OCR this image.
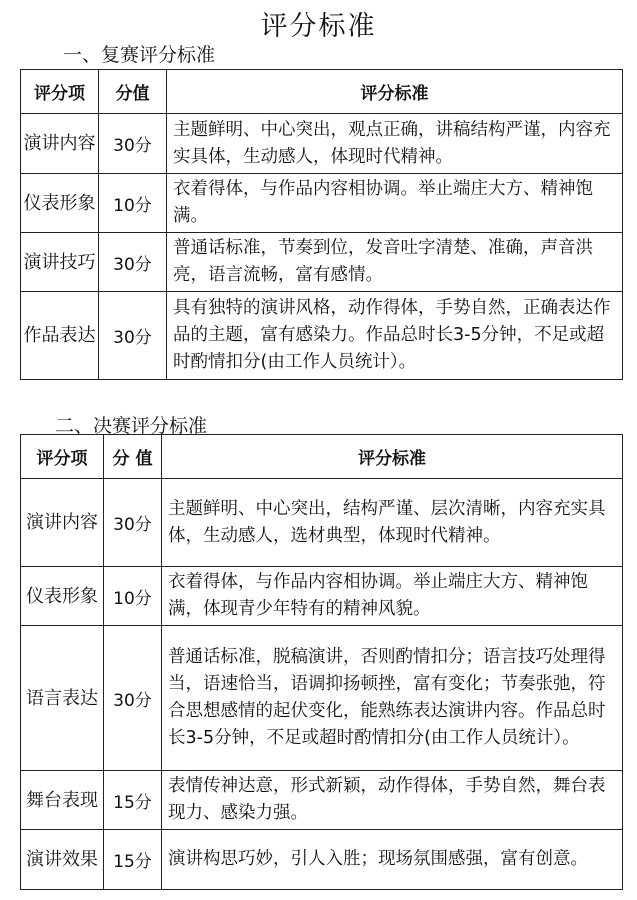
评分标准
一、复赛评分标准
评分项	分值	评分标准
演讲内容	30分	主题鲜明、中心突出，观点正确，讲稿结构严谨，内容充实具体，生动感人，体现时代精神。
仪表形象	10分	衣着得体，与作品内容相协调。举止端庄大方、精神饱满。
演讲技巧	30分	普通话标准，节奏到位，发音吐字清楚、准确，声音洪亮，语言流畅，富有感情。
作品表达	30分	具有独特的演讲风格，动作得体，手势自然，正确表达作品的主题，富有感染力。作品总时长3-5分钟，不足或超时酌情扣分(由工作人员统计）。
二、决赛评分标准
评分项	分 值	评分标准
演讲内容	30分	主题鲜明、中心突出，结构严谨、层次清晰，内容充实具体，生动感人，选材典型，体现时代精神。
仪表形象	10分	衣着得体，与作品内容相协调。举止端庄大方、精神饱满，体现青少年特有的精神风貌。
语言表达	30分	普通话标准，脱稿演讲，否则酌情扣分；语言技巧处理得当，语速恰当，语调抑扬顿挫，富有变化；节奏张弛，符合思想感情的起伏变化，能熟练表达演讲内容。作品总时长3-5分钟，不足或超时酌情扣分(由工作人员统计）。
舞台表现	15分	表情传神达意，形式新颖，动作得体，手势自然，舞台表现力、感染力强。
演讲效果	15分	演讲构思巧妙，引人入胜；现场氛围感强，富有创意。
